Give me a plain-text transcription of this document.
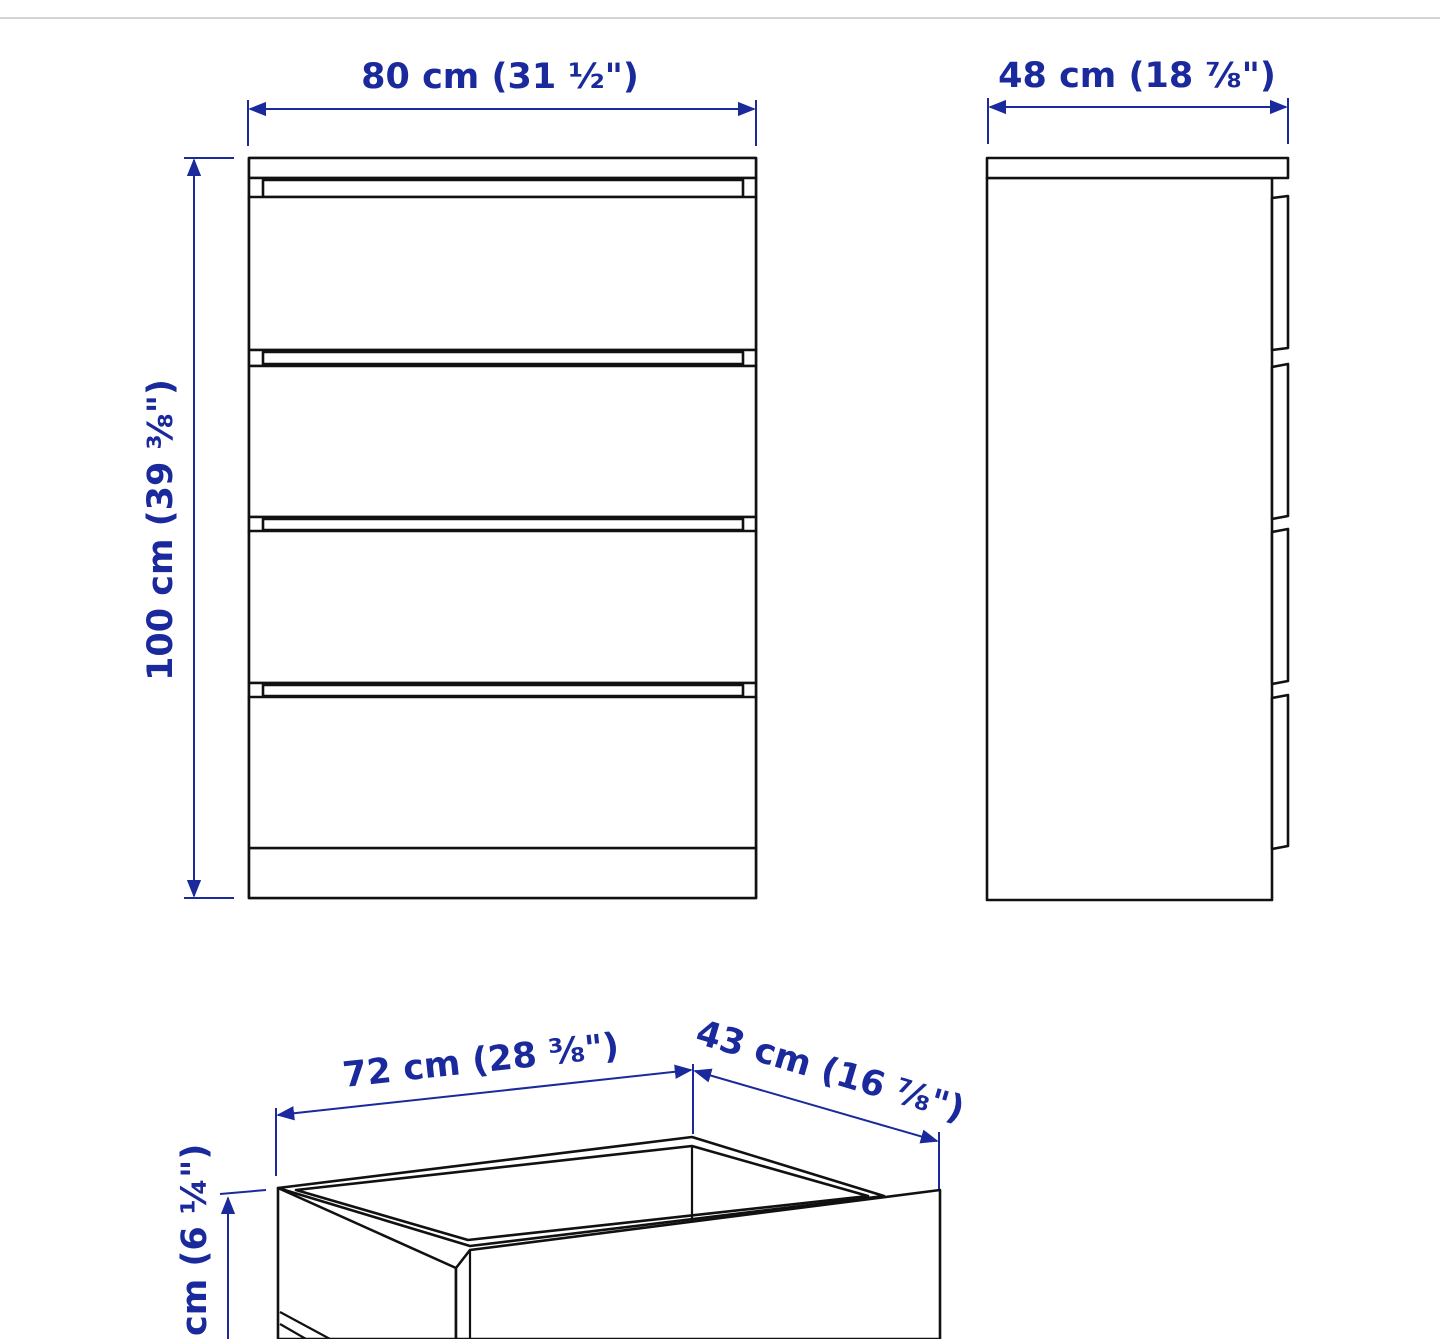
80 cm (31 ½")
100 cm (39 ⅜")
48 cm (18 ⅞")
72 cm (28 ⅜") 43 cm (16 ⅞")
cm (6 ¼")
